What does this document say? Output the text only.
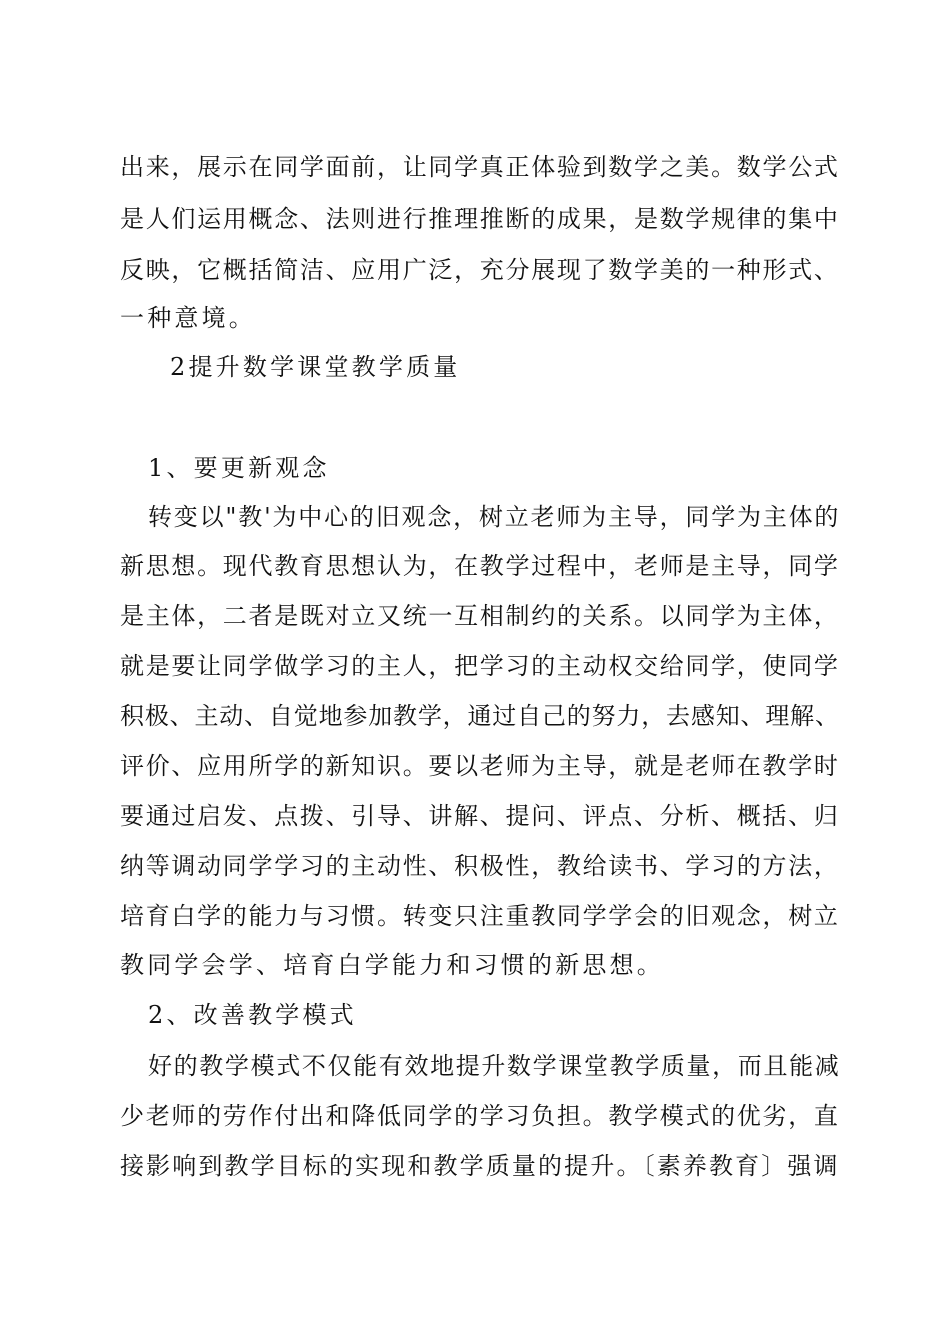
出来，展示在同学面前，让同学真正体验到数学之美。数学公式
是人们运用概念、法则进行推理推断的成果，是数学规律的集中
反映，它概括简洁、应用广泛，充分展现了数学美的一种形式、
一种意境。
2提升数学课堂教学质量
1、要更新观念
转变以"教'为中心的旧观念，树立老师为主导，同学为主体的
新思想。现代教育思想认为，在教学过程中，老师是主导，同学
是主体，二者是既对立又统一互相制约的关系。以同学为主体，
就是要让同学做学习的主人，把学习的主动权交给同学，使同学
积极、主动、自觉地参加教学，通过自己的努力，去感知、理解、
评价、应用所学的新知识。要以老师为主导，就是老师在教学时
要通过启发、点拨、引导、讲解、提问、评点、分析、概括、归
纳等调动同学学习的主动性、积极性，教给读书、学习的方法，
培育白学的能力与习惯。转变只注重教同学学会的旧观念，树立
教同学会学、培育白学能力和习惯的新思想。
2、改善教学模式
好的教学模式不仅能有效地提升数学课堂教学质量，而且能减
少老师的劳作付出和降低同学的学习负担。教学模式的优劣，直
接影响到教学目标的实现和教学质量的提升。〔素养教育〕强调
